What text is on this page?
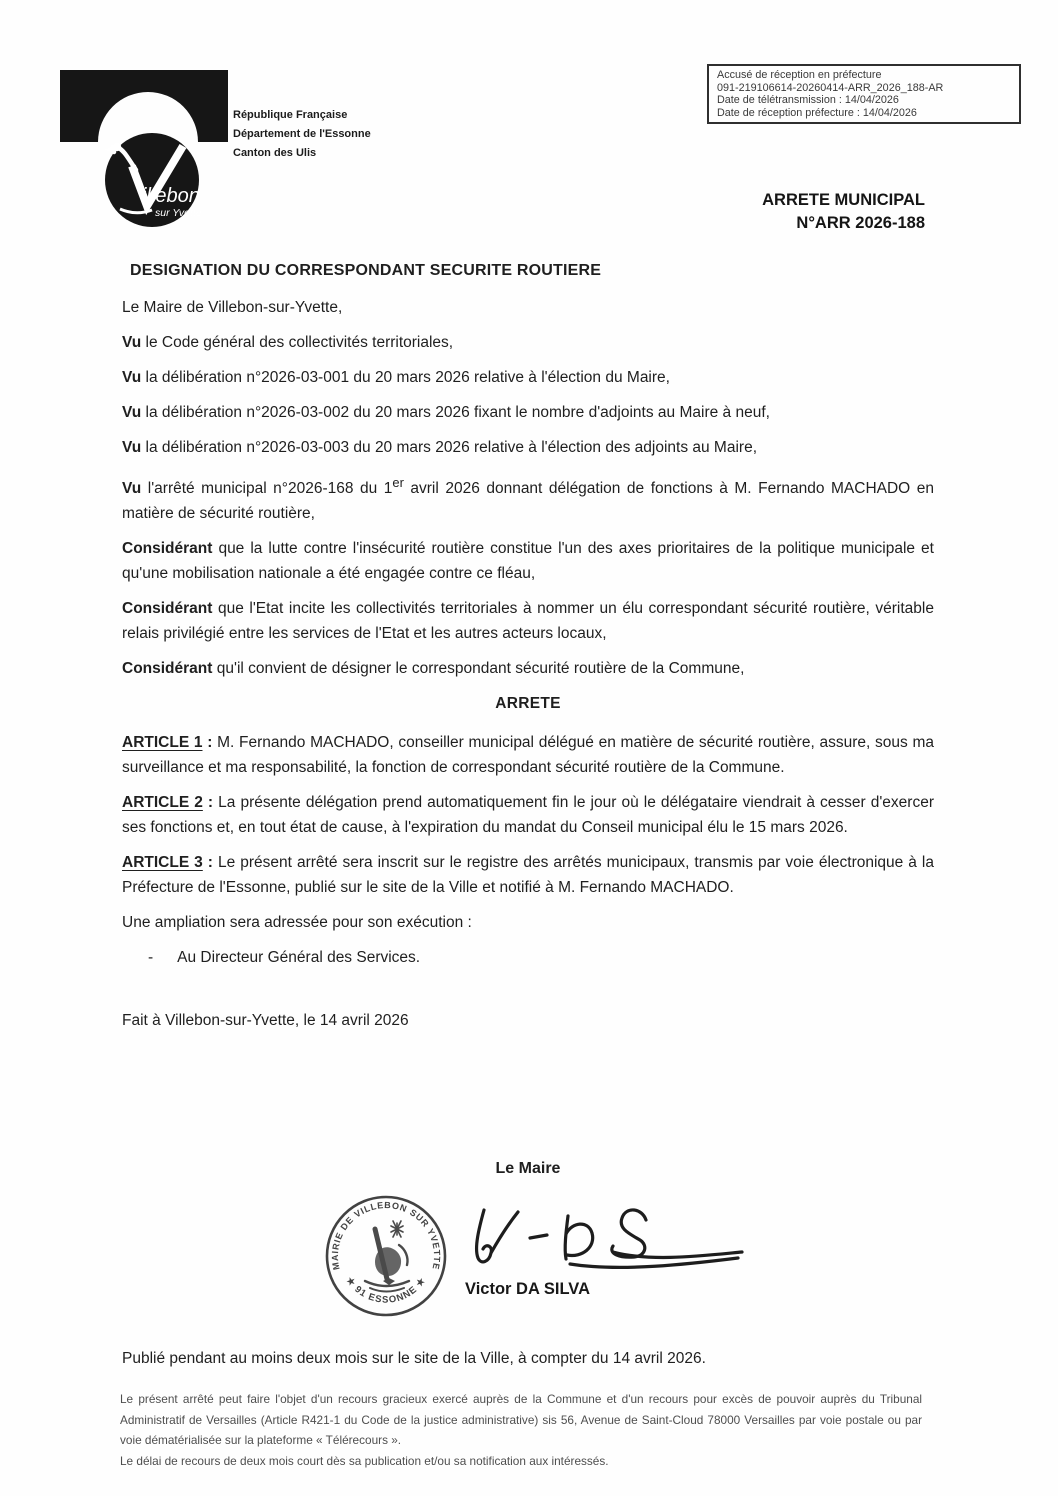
illebon
sur Yvette
République Française
Département de l'Essonne
Canton des Ulis
Accusé de réception en préfecture
091-219106614-20260414-ARR_2026_188-AR
Date de télétransmission : 14/04/2026
Date de réception préfecture : 14/04/2026
ARRETE MUNICIPAL
N°ARR 2026-188

DESIGNATION DU CORRESPONDANT SECURITE ROUTIERE

Le Maire de Villebon-sur-Yvette,

Vu le Code général des collectivités territoriales,

Vu la délibération n°2026-03-001 du 20 mars 2026 relative à l'élection du Maire,

Vu la délibération n°2026-03-002 du 20 mars 2026 fixant le nombre d'adjoints au Maire à neuf,

Vu la délibération n°2026-03-003 du 20 mars 2026 relative à l'élection des adjoints au Maire,

Vu l'arrêté municipal n°2026-168 du 1er avril 2026 donnant délégation de fonctions à M. Fernando MACHADO en matière de sécurité routière,

Considérant que la lutte contre l'insécurité routière constitue l'un des axes prioritaires de la politique municipale et qu'une mobilisation nationale a été engagée contre ce fléau,

Considérant que l'Etat incite les collectivités territoriales à nommer un élu correspondant sécurité routière, véritable relais privilégié entre les services de l'Etat et les autres acteurs locaux,

Considérant qu'il convient de désigner le correspondant sécurité routière de la Commune,

ARRETE

ARTICLE 1 : M. Fernando MACHADO, conseiller municipal délégué en matière de sécurité routière, assure, sous ma surveillance et ma responsabilité, la fonction de correspondant sécurité routière de la Commune.

ARTICLE 2 : La présente délégation prend automatiquement fin le jour où le délégataire viendrait à cesser d'exercer ses fonctions et, en tout état de cause, à l'expiration du mandat du Conseil municipal élu le 15 mars 2026.

ARTICLE 3 : Le présent arrêté sera inscrit sur le registre des arrêtés municipaux, transmis par voie électronique à la Préfecture de l'Essonne, publié sur le site de la Ville et notifié à M. Fernando MACHADO.

Une ampliation sera adressée pour son exécution :

- Au Directeur Général des Services.

Fait à Villebon-sur-Yvette, le 14 avril 2026

Le Maire
MAIRIE DE VILLEBON SUR YVETTE
★ 91 ESSONNE ★ Victor DA SILVA
Publié pendant au moins deux mois sur le site de la Ville, à compter du 14 avril 2026.

Le présent arrêté peut faire l'objet d'un recours gracieux exercé auprès de la Commune et d'un recours pour excès de pouvoir auprès du Tribunal Administratif de Versailles (Article R421-1 du Code de la justice administrative) sis 56, Avenue de Saint-Cloud 78000 Versailles par voie postale ou par voie dématérialisée sur la plateforme « Télérecours ».

Le délai de recours de deux mois court dès sa publication et/ou sa notification aux intéressés.
